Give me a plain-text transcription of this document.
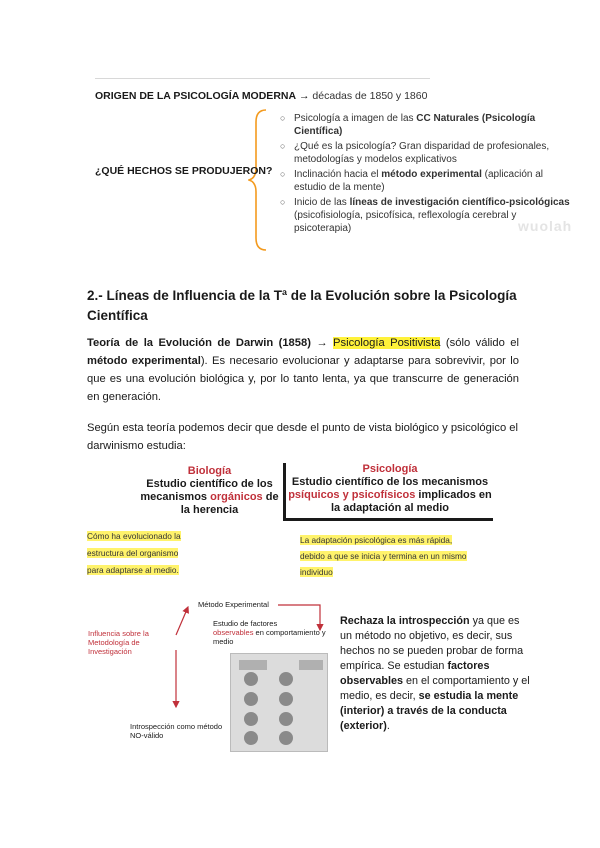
ORIGEN DE LA PSICOLOGÍA MODERNA → décadas de 1850 y 1860
¿QUÉ HECHOS SE PRODUJERON?
○ Psicología a imagen de las CC Naturales (Psicología Científica)
○ ¿Qué es la psicología? Gran disparidad de profesionales, metodologías y modelos explicativos
○ Inclinación hacia el método experimental (aplicación al estudio de la mente)
○ Inicio de las líneas de investigación científico-psicológicas (psicofisiología, psicofísica, reflexología cerebral y psicoterapia)	wuolah
2.- Líneas de Influencia de la Tª de la Evolución sobre la Psicología Científica
Teoría de la Evolución de Darwin (1858) → Psicología Positivista (sólo válido el método experimental). Es necesario evolucionar y adaptarse para sobrevivir, por lo que es una evolución biológica y, por lo tanto lenta, ya que transcurre de generación en generación.
Según esta teoría podemos decir que desde el punto de vista biológico y psicológico el darwinismo estudia:
Biología
Estudio científico de los
mecanismos orgánicos de
la herencia
Psicología
Estudio científico de los mecanismos
psíquicos y psicofísicos implicados en
la adaptación al medio
Cómo ha evolucionado la
estructura del organismo
para adaptarse al medio.
La adaptación psicológica es más rápida,
debido a que se inicia y termina en un mismo
individuo
Método Experimental
Influencia sobre la Metodología de Investigación
Estudio de factores
observables en comportamiento y medio
Introspección como método NO-válido
Rechaza la introspección ya que es un método no objetivo, es decir, sus hechos no se pueden probar de forma empírica. Se estudian factores observables en el comportamiento y el medio, es decir, se estudia la mente (interior) a través de la conducta (exterior).
